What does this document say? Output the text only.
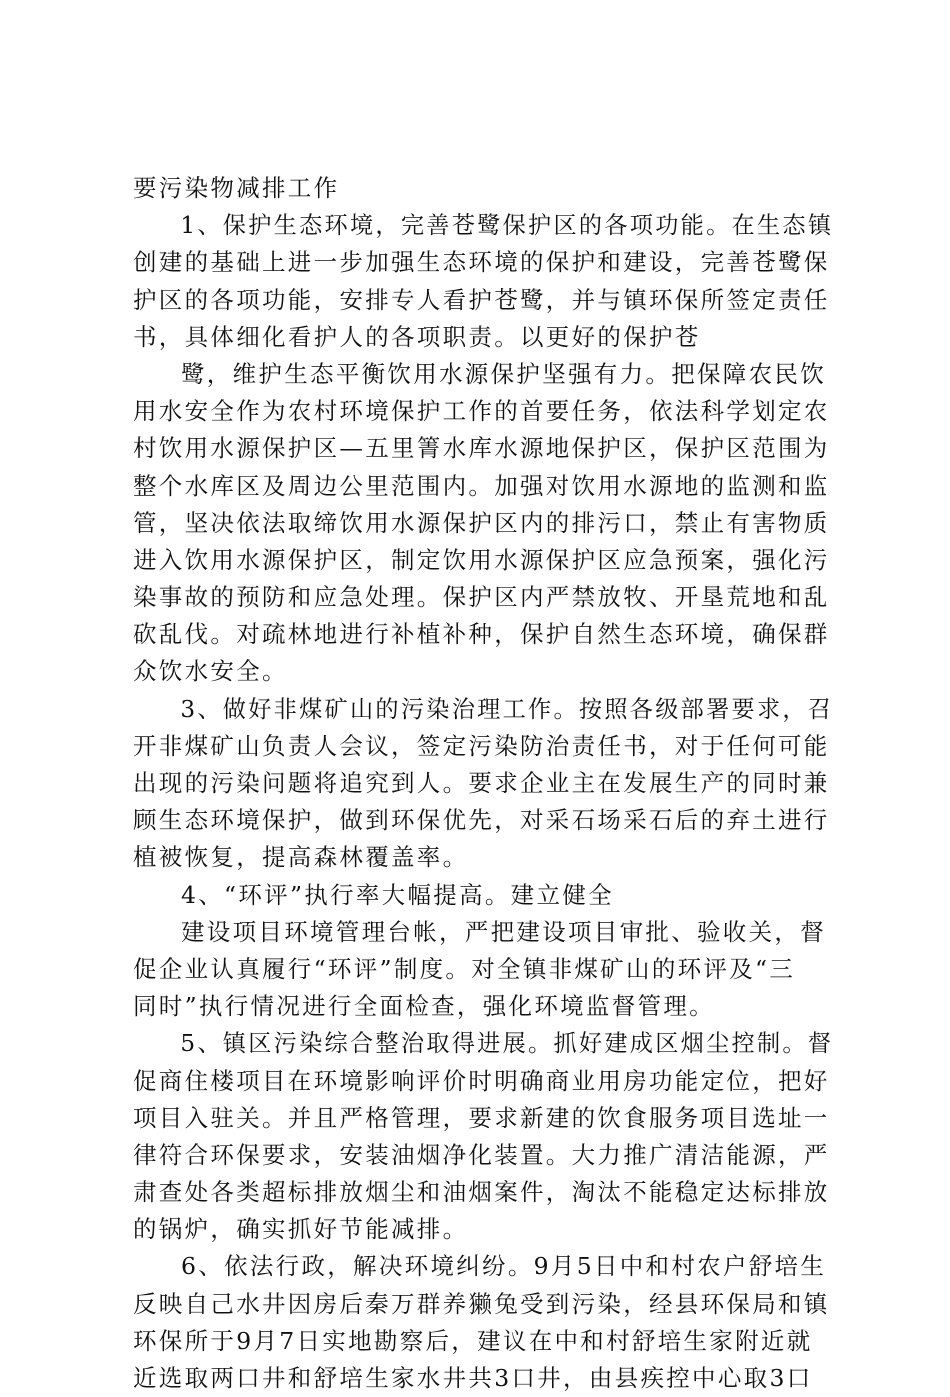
要污染物减排工作
1、保护生态环境，完善苍鹭保护区的各项功能。在生态镇
创建的基础上进一步加强生态环境的保护和建设，完善苍鹭保
护区的各项功能，安排专人看护苍鹭，并与镇环保所签定责任
书，具体细化看护人的各项职责。以更好的保护苍
鹭，维护生态平衡饮用水源保护坚强有力。把保障农民饮
用水安全作为农村环境保护工作的首要任务，依法科学划定农
村饮用水源保护区—五里箐水库水源地保护区，保护区范围为
整个水库区及周边公里范围内。加强对饮用水源地的监测和监
管，坚决依法取缔饮用水源保护区内的排污口，禁止有害物质
进入饮用水源保护区，制定饮用水源保护区应急预案，强化污
染事故的预防和应急处理。保护区内严禁放牧、开垦荒地和乱
砍乱伐。对疏林地进行补植补种，保护自然生态环境，确保群
众饮水安全。
3、做好非煤矿山的污染治理工作。按照各级部署要求，召
开非煤矿山负责人会议，签定污染防治责任书，对于任何可能
出现的污染问题将追究到人。要求企业主在发展生产的同时兼
顾生态环境保护，做到环保优先，对采石场采石后的弃土进行
植被恢复，提高森林覆盖率。
4、“环评”执行率大幅提高。建立健全
建设项目环境管理台帐，严把建设项目审批、验收关，督
促企业认真履行“环评”制度。对全镇非煤矿山的环评及“三
同时”执行情况进行全面检查，强化环境监督管理。
5、镇区污染综合整治取得进展。抓好建成区烟尘控制。督
促商住楼项目在环境影响评价时明确商业用房功能定位，把好
项目入驻关。并且严格管理，要求新建的饮食服务项目选址一
律符合环保要求，安装油烟净化装置。大力推广清洁能源，严
肃查处各类超标排放烟尘和油烟案件，淘汰不能稳定达标排放
的锅炉，确实抓好节能减排。
6、依法行政，解决环境纠纷。9月5日中和村农户舒培生
反映自己水井因房后秦万群养獭兔受到污染，经县环保局和镇
环保所于9月7日实地勘察后，建议在中和村舒培生家附近就
近选取两口井和舒培生家水井共3口井，由县疾控中心取3口
